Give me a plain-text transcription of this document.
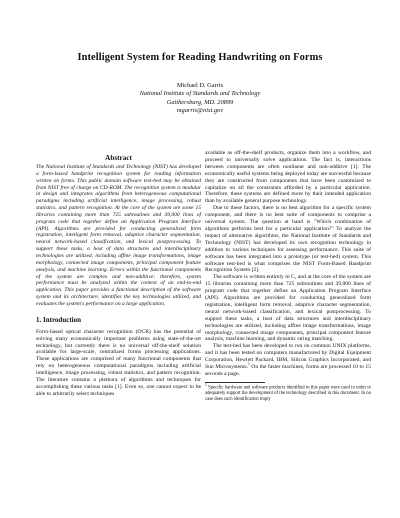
Intelligent System for Reading Handwriting on Forms
Michael D. Garris
National Institute of Standards and Technology
Gaithersburg, MD. 20899
mgarris@nist.gov
Abstract

The National Institute of Standards and Technology (NIST) has developed a form-based handprint recognition system for reading information written on forms. This public domain software test-bed may be obtained from NIST free of charge on CD-ROM. The recognition system is modular in design and integrates algorithms from heterogeneous computational paradigms including artificial intelligence, image processing, robust statistics, and pattern recognition. At the core of the system are some 15 libraries containing more than 725 subroutines and 39,000 lines of program code that together define an Application Program Interface (API). Algorithms are provided for conducting generalized form registration, intelligent form removal, adaptive character segmentation, neural network-based classification, and lexical postprocessing. To support these tasks, a host of data structures and interdisciplinary technologies are utilized, including affine image transformations, image morphology, connected image components, principal component feature analysis, and machine learning. Errors within the functional components of the system are complex and non-additive; therefore, system performance must be analyzed within the context of an end-to-end application. This paper provides a functional description of the software system and its architecture, identifies the key technologies utilized, and evaluates the system's performance on a large application.

1. Introduction

Form-based optical character recognition (OCR) has the potential of solving many economically important problems using state-of-the-art technology, but currently there is no universal off-the-shelf solution available for large-scale, centralized forms processing applications. These applications are comprised of many functional components that rely on heterogeneous computational paradigms including artificial intelligence, image processing, robust statistics, and pattern recognition. The literature contains a plethora of algorithms and techniques for accomplishing these various tasks [1]. Even so, one cannot expect to be able to arbitrarily select techniques

available as off-the-shelf products, organize them into a workflow, and proceed to universally solve applications. The fact is, interactions between components are often nonlinear and non-additive [1]. The economically useful systems being deployed today are successful because they are constructed from components that have been customized to capitalize on all the constraints afforded by a particular application. Therefore, these systems are defined more by their intended application than by available general purpose technology.

Due to these factors, there is no best algorithm for a specific system component, and there is no best suite of components to comprise a universal system. The question at hand is "Which combination of algorithms performs best for a particular application?" To analyze the impact of alternative algorithms, the National Institute of Standards and Technology (NIST) has developed its own recognition technology in addition to various techniques for assessing performance. This suite of software has been integrated into a prototype (or test-bed) system. This software test-bed is what comprises the NIST Form-Based Handprint Recognition System [2].

The software is written entirely in C, and at the core of the system are 15 libraries containing more than 725 subroutines and 39,000 lines of program code that together define an Application Program Interface (API). Algorithms are provided for conducting generalized form registration, intelligent form removal, adaptive character segmentation, neural network-based classification, and lexical postprocessing. To support these tasks, a host of data structures and interdisciplinary technologies are utilized, including affine image transformations, image morphology, connected image components, principal component feature analysis, machine learning, and dynamic string matching.

The test-bed has been developed to run on common UNIX platforms, and it has been tested on computers manufactured by Digital Equipment Corporation, Hewlett Packard, IBM, Silicon Graphics Incorporated, and Sun Microsystems.$^1$ On the faster machines, forms are processed 10 to 15 seconds a page.

$^1$ Specific hardware and software products identified in this paper were used in order to adequately support the development of the technology described in this document. In no case does such identification imply
